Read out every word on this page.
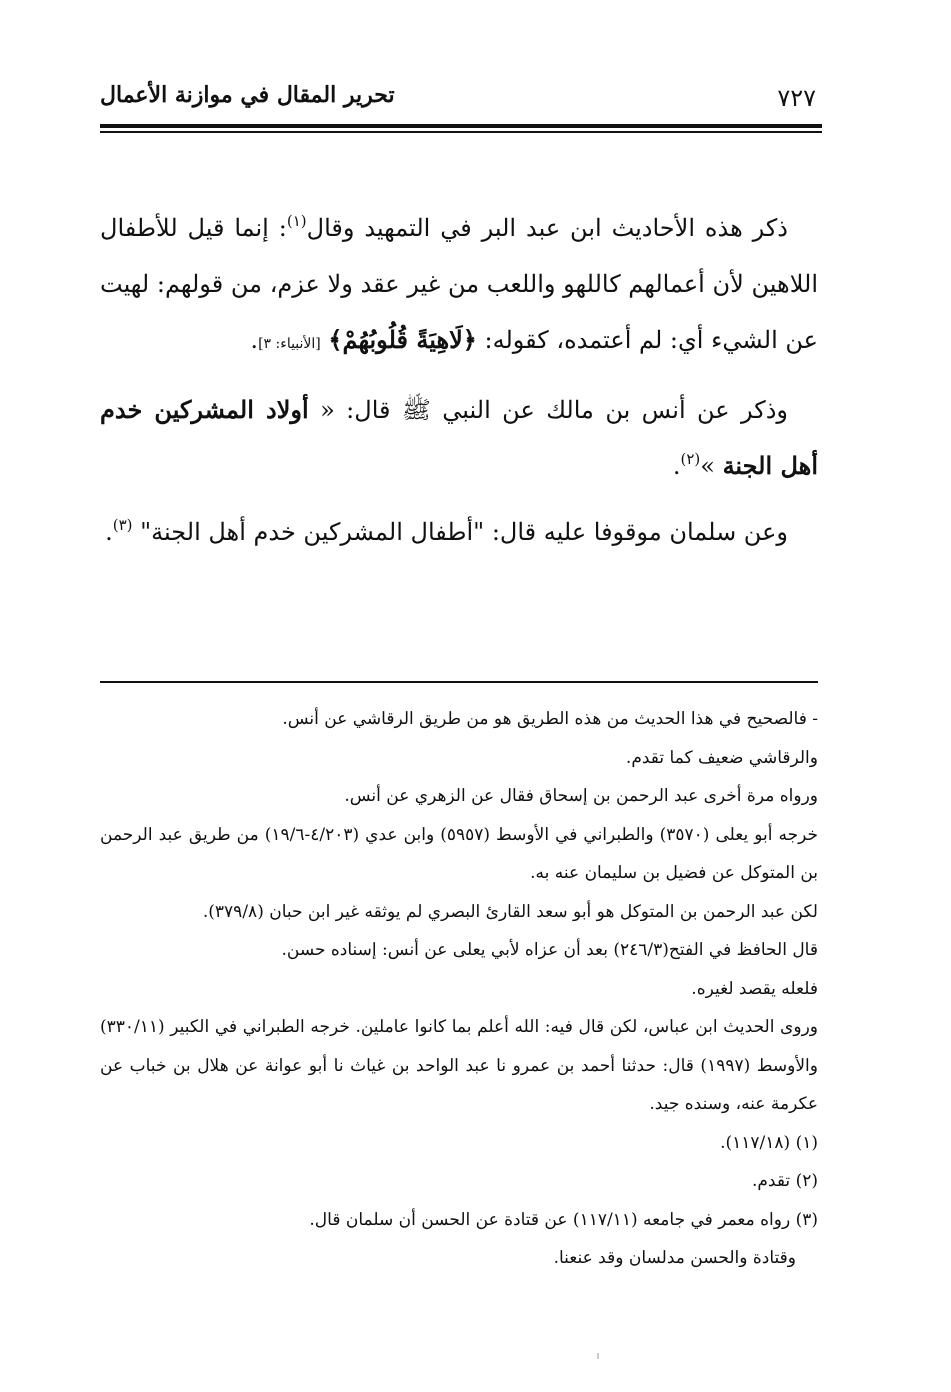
٧٢٧
تحرير المقال في موازنة الأعمال

ذكر هذه الأحاديث ابن عبد البر في التمهيد وقال$^{(١)}$: إنما قيل للأطفال اللاهين لأن أعمالهم كاللهو واللعب من غير عقد ولا عزم، من قولهم: لهيت عن الشيء أي: لم أعتمده، كقوله: ﴿لَاهِيَةً قُلُوبُهُمْ﴾ [الأنبياء: ٣].

وذكر عن أنس بن مالك عن النبي ﷺ قال: « أولاد المشركين خدم أهل الجنة »$^{(٢)}$.

وعن سلمان موقوفا عليه قال: "أطفال المشركين خدم أهل الجنة" $^{(٣)}$.

- فالصحيح في هذا الحديث من هذه الطريق هو من طريق الرقاشي عن أنس.

والرقاشي ضعيف كما تقدم.

ورواه مرة أخرى عبد الرحمن بن إسحاق فقال عن الزهري عن أنس.

خرجه أبو يعلى (٣٥٧٠) والطبراني في الأوسط (٥٩٥٧) وابن عدي (٤/٢٠٣-١٩/٦) من طريق عبد الرحمن بن المتوكل عن فضيل بن سليمان عنه به.

لكن عبد الرحمن بن المتوكل هو أبو سعد القارئ البصري لم يوثقه غير ابن حبان (٣٧٩/٨).

قال الحافظ في الفتح(٢٤٦/٣) بعد أن عزاه لأبي يعلى عن أنس: إسناده حسن.

فلعله يقصد لغيره.

وروى الحديث ابن عباس، لكن قال فيه: الله أعلم بما كانوا عاملين. خرجه الطبراني في الكبير (٣٣٠/١١) والأوسط (١٩٩٧) قال: حدثنا أحمد بن عمرو نا عبد الواحد بن غياث نا أبو عوانة عن هلال بن خباب عن عكرمة عنه، وسنده جيد.

(١) (١١٧/١٨).

(٢) تقدم.

(٣) رواه معمر في جامعه (١١٧/١١) عن قتادة عن الحسن أن سلمان قال.

وقتادة والحسن مدلسان وقد عنعنا.
